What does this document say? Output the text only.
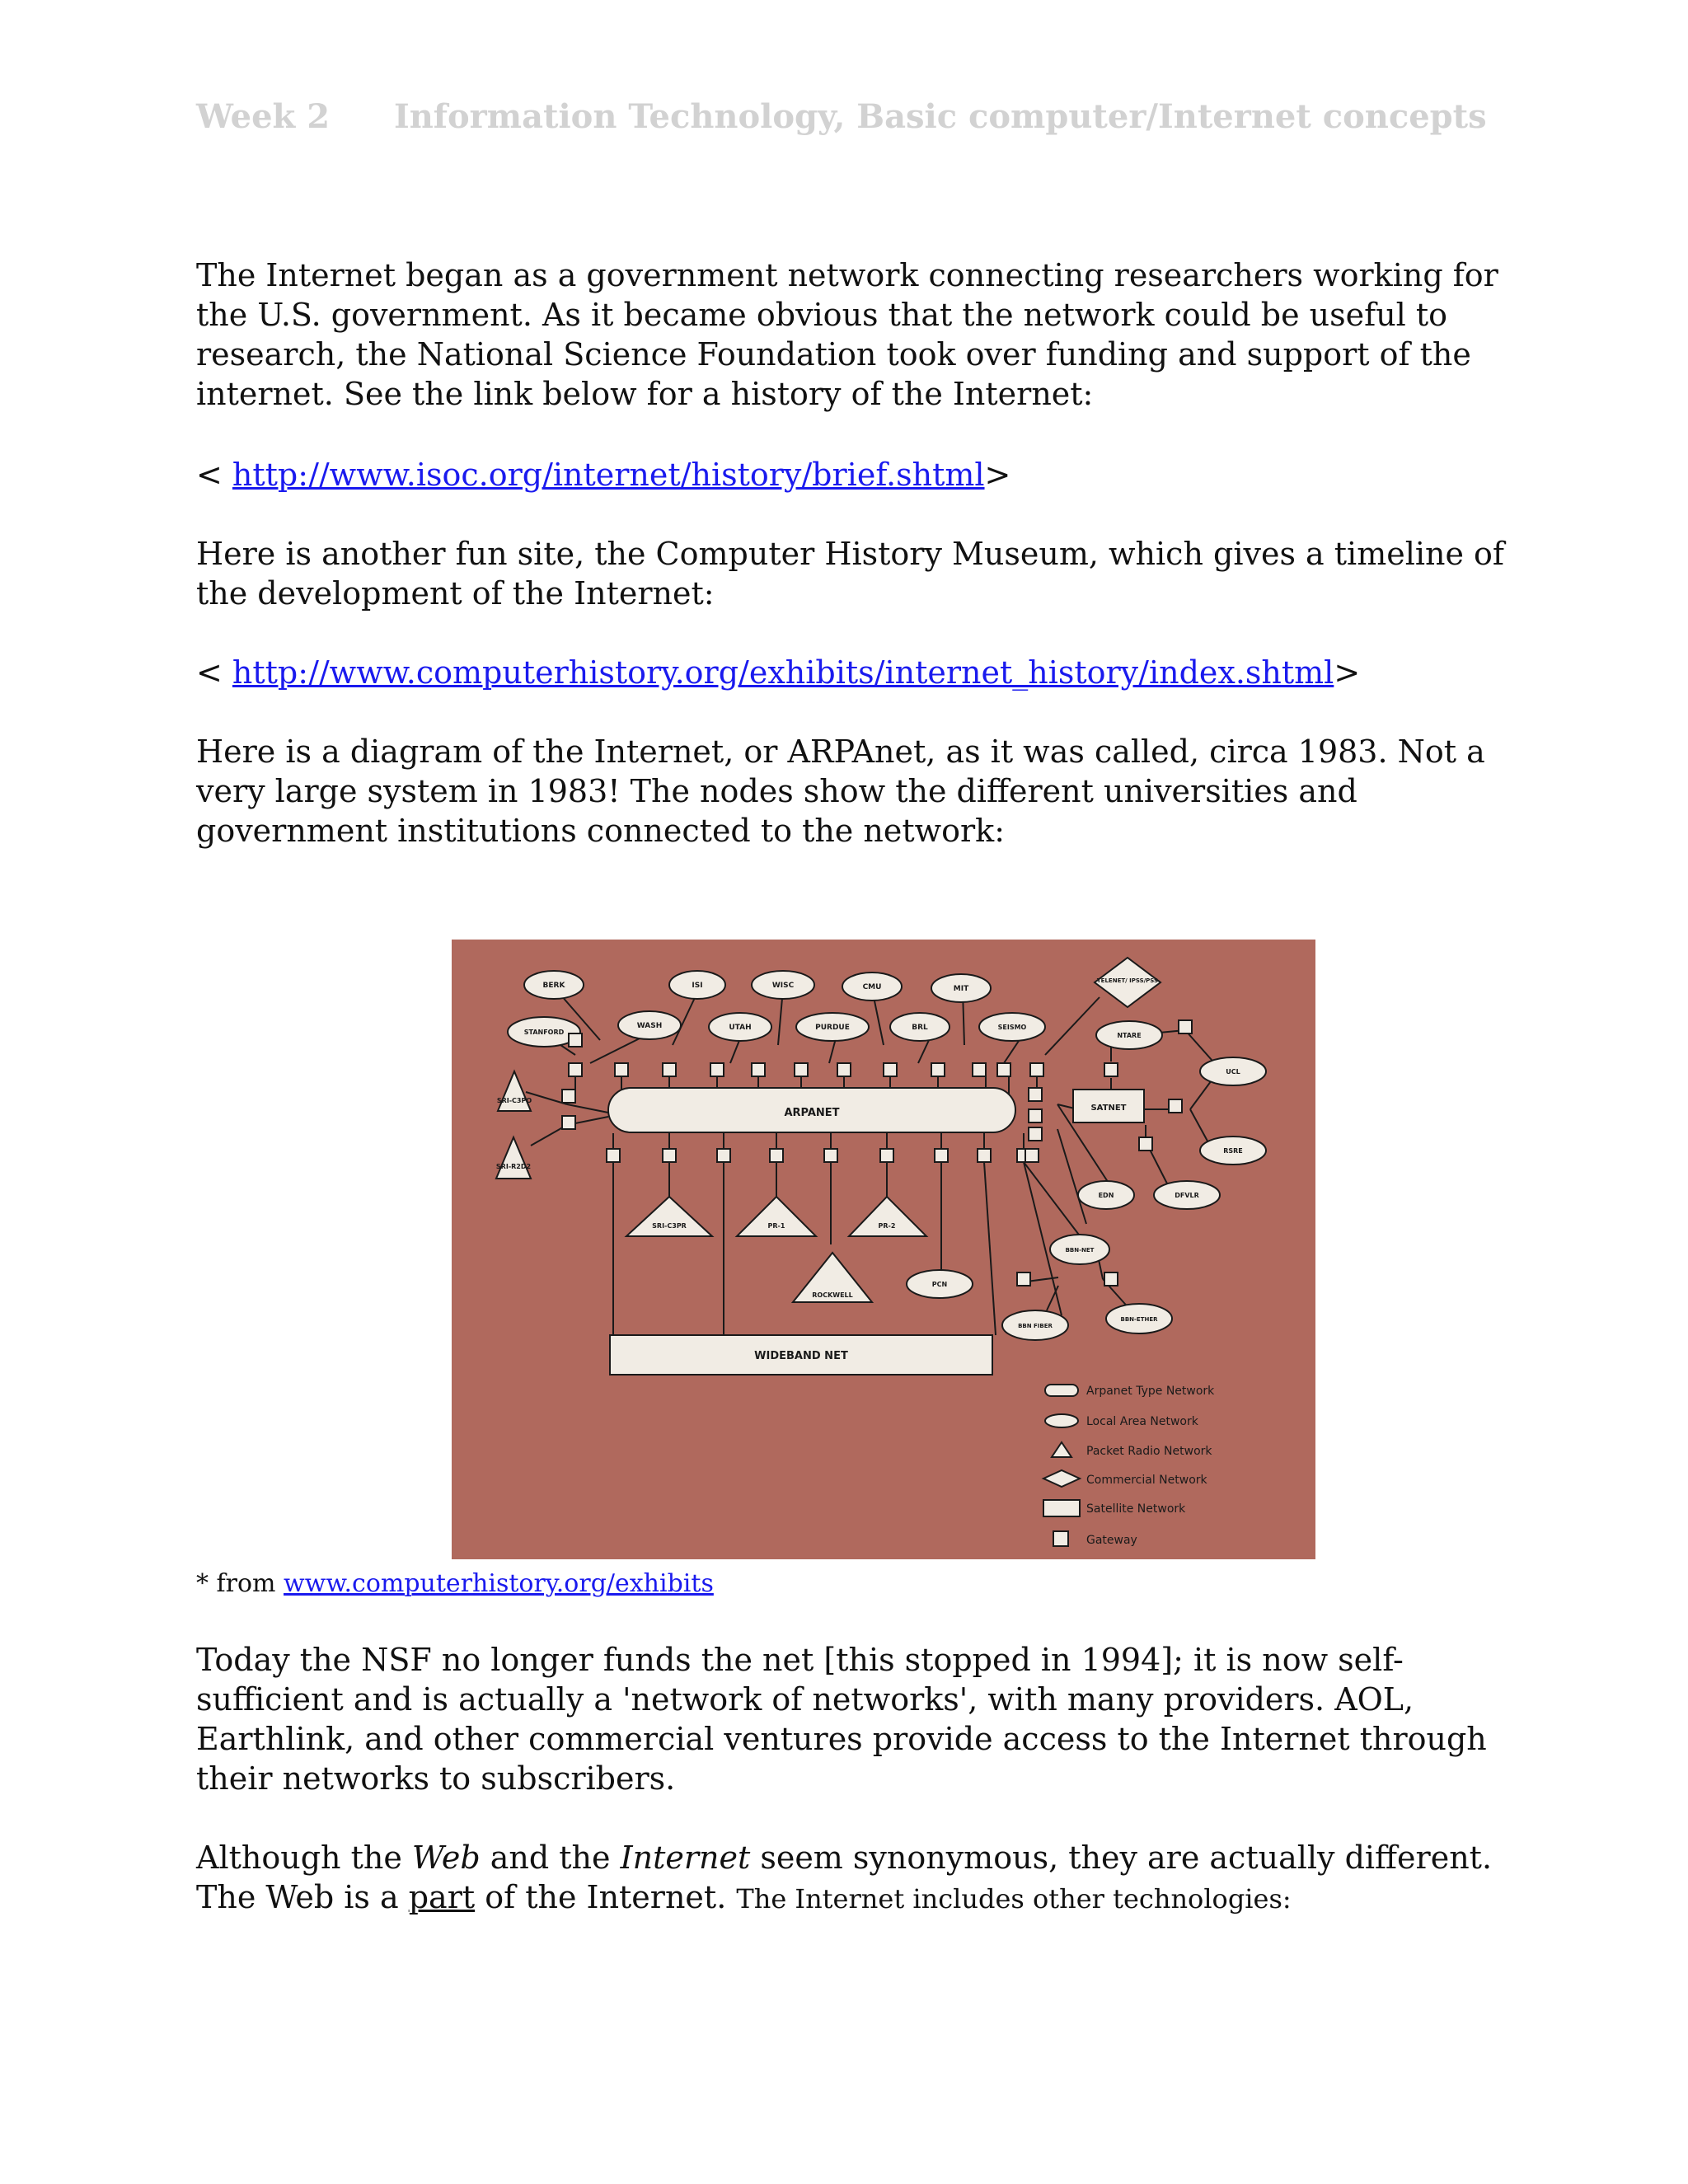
Week 2 Information Technology, Basic computer/Internet concepts
The Internet began as a government network connecting researchers working for the U.S. government. As it became obvious that the network could be useful to research, the National Science Foundation took over funding and support of the internet. See the link below for a history of the Internet:
< http://www.isoc.org/internet/history/brief.shtml>
Here is another fun site, the Computer History Museum, which gives a timeline of the development of the Internet:
< http://www.computerhistory.org/exhibits/internet_history/index.shtml>
Here is a diagram of the Internet, or ARPAnet, as it was called, circa 1983. Not a very large system in 1983! The nodes show the different universities and government institutions connected to the network:
ARPANET
WIDEBAND NET
SATNET
BERK	ISI	WISC	CMU	MIT
STANFORD
WASH	UTAH	PURDUE	BRL	SEISMO
SRI-C3PO
SRI-R2D2
SRI-C3PR	PR-1	PR-2
ROCKWELL
TELENET/ IPSS/PSS
NTARE
UCL
RSRE
EDN	DFVLR
BBN-NET
PCN
BBN FIBER
BBN-ETHER
Arpanet Type Network
Local Area Network
Packet Radio Network
Commercial Network
Satellite Network
Gateway
* from www.computerhistory.org/exhibits
Today the NSF no longer funds the net [this stopped in 1994]; it is now self-sufficient and is actually a 'network of networks', with many providers. AOL, Earthlink, and other commercial ventures provide access to the Internet through their networks to subscribers.
Although the Web and the Internet seem synonymous, they are actually different. The Web is a part of the Internet. The Internet includes other technologies:
